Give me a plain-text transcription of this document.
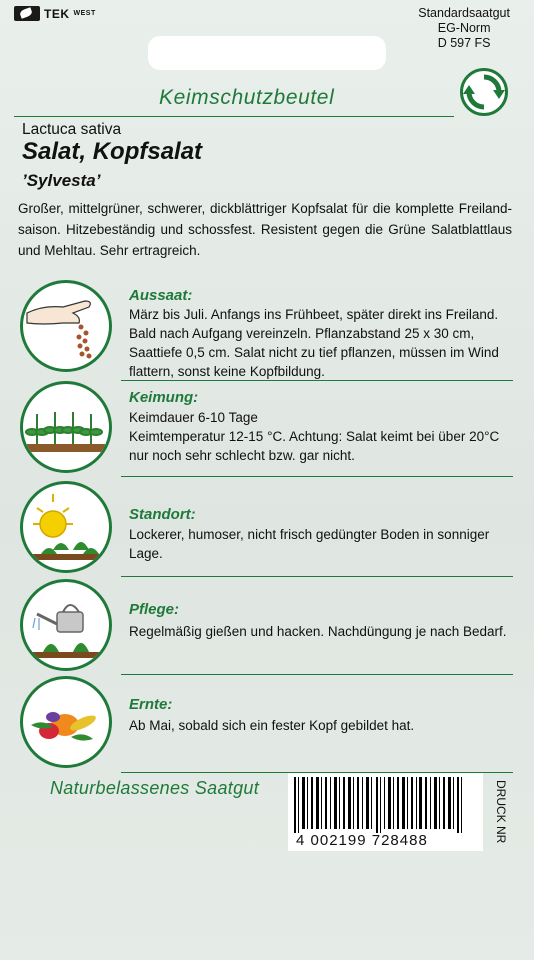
TEK WEST	Standardsaatgut
EG-Norm
D 597 FS
Keimschutzbeutel
Lactuca sativa
Salat, Kopfsalat
’Sylvesta’
Großer, mittelgrüner, schwerer, dickblättriger Kopfsalat für die komplette Freiland-saison. Hitzebeständig und schossfest. Resistent gegen die Grüne Salatblattlaus und Mehltau. Sehr ertragreich.
Aussaat:
März bis Juli. Anfangs ins Frühbeet, später direkt ins Freiland. Bald nach Aufgang vereinzeln. Pflanzabstand 25 x 30 cm, Saattiefe 0,5 cm. Salat nicht zu tief pflanzen, müssen im Wind flattern, sonst keine Kopfbildung.
Keimung:
Keimdauer 6-10 Tage
Keimtemperatur 12-15 °C. Achtung: Salat keimt bei über 20°C nur noch sehr schlecht bzw. gar nicht.
Standort:
Lockerer, humoser, nicht frisch gedüngter Boden in sonniger Lage.
Pflege:
Regelmäßig gießen und hacken. Nachdüngung je nach Bedarf.
Ernte:
Ab Mai, sobald sich ein fester Kopf gebildet hat.
Naturbelassenes Saatgut
4 002199 728488	DRUCK NR
